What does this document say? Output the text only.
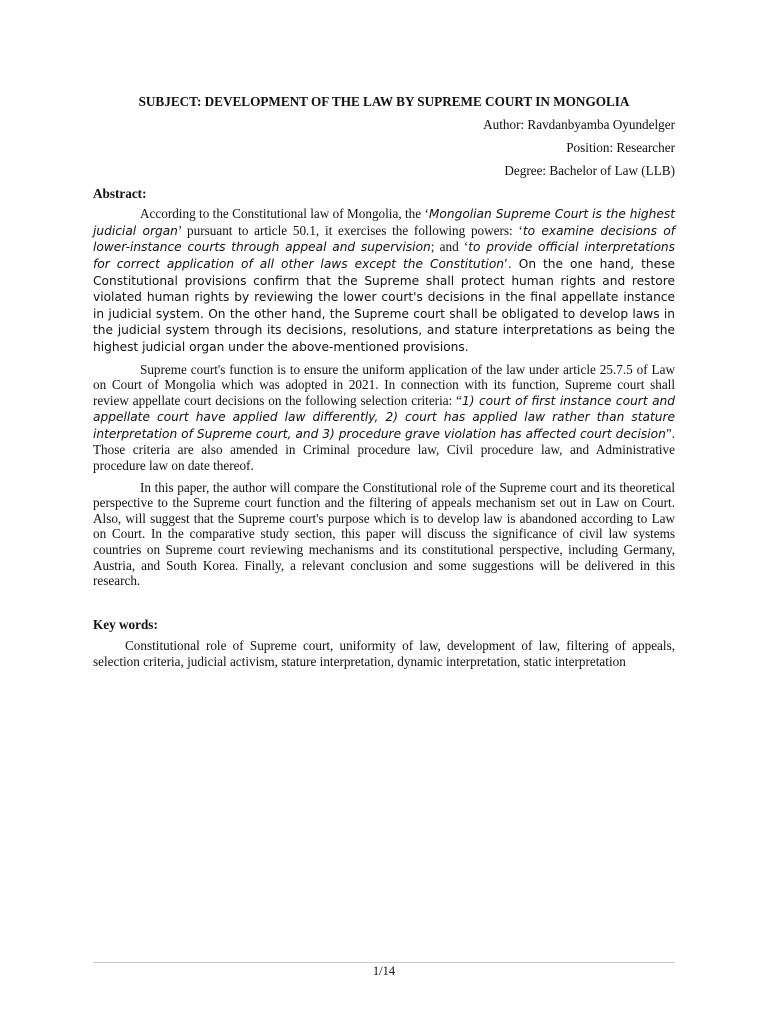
SUBJECT: DEVELOPMENT OF THE LAW BY SUPREME COURT IN MONGOLIA

Author: Ravdanbyamba Oyundelger

Position: Researcher

Degree: Bachelor of Law (LLB)

Abstract:

According to the Constitutional law of Mongolia, the ‘Mongolian Supreme Court is the highest judicial organ’ pursuant to article 50.1, it exercises the following powers: ‘to examine decisions of lower-instance courts through appeal and supervision; and ‘to provide official interpretations for correct application of all other laws except the Constitution’. On the one hand, these Constitutional provisions confirm that the Supreme shall protect human rights and restore violated human rights by reviewing the lower court's decisions in the final appellate instance in judicial system. On the other hand, the Supreme court shall be obligated to develop laws in the judicial system through its decisions, resolutions, and stature interpretations as being the highest judicial organ under the above-mentioned provisions.

Supreme court's function is to ensure the uniform application of the law under article 25.7.5 of Law on Court of Mongolia which was adopted in 2021. In connection with its function, Supreme court shall review appellate court decisions on the following selection criteria: “1) court of first instance court and appellate court have applied law differently, 2) court has applied law rather than stature interpretation of Supreme court, and 3) procedure grave violation has affected court decision”. Those criteria are also amended in Criminal procedure law, Civil procedure law, and Administrative procedure law on date thereof.

In this paper, the author will compare the Constitutional role of the Supreme court and its theoretical perspective to the Supreme court function and the filtering of appeals mechanism set out in Law on Court. Also, will suggest that the Supreme court's purpose which is to develop law is abandoned according to Law on Court. In the comparative study section, this paper will discuss the significance of civil law systems countries on Supreme court reviewing mechanisms and its constitutional perspective, including Germany, Austria, and South Korea. Finally, a relevant conclusion and some suggestions will be delivered in this research.

Key words:

Constitutional role of Supreme court, uniformity of law, development of law, filtering of appeals, selection criteria, judicial activism, stature interpretation, dynamic interpretation, static interpretation

1/14
